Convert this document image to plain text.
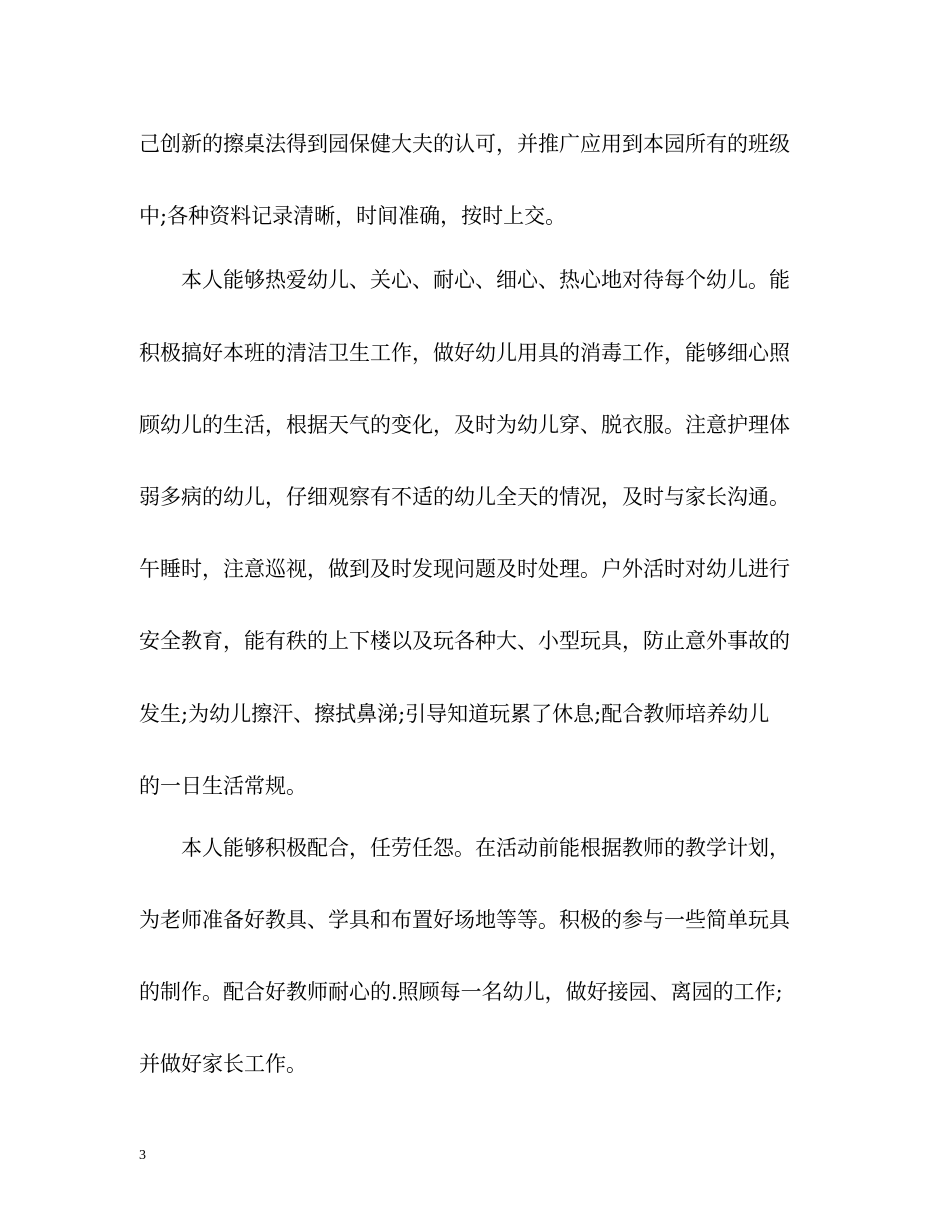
己创新的擦桌法得到园保健大夫的认可，并推广应用到本园所有的班级
中;各种资料记录清晰，时间准确，按时上交。
本人能够热爱幼儿、关心、耐心、细心、热心地对待每个幼儿。能
积极搞好本班的清洁卫生工作，做好幼儿用具的消毒工作，能够细心照
顾幼儿的生活，根据天气的变化，及时为幼儿穿、脱衣服。注意护理体
弱多病的幼儿，仔细观察有不适的幼儿全天的情况，及时与家长沟通。
午睡时，注意巡视，做到及时发现问题及时处理。户外活时对幼儿进行
安全教育，能有秩的上下楼以及玩各种大、小型玩具，防止意外事故的
发生;为幼儿擦汗、擦拭鼻涕;引导知道玩累了休息;配合教师培养幼儿
的一日生活常规。
本人能够积极配合，任劳任怨。在活动前能根据教师的教学计划，
为老师准备好教具、学具和布置好场地等等。积极的参与一些简单玩具
的制作。配合好教师耐心的.照顾每一名幼儿，做好接园、离园的工作;
并做好家长工作。
3
